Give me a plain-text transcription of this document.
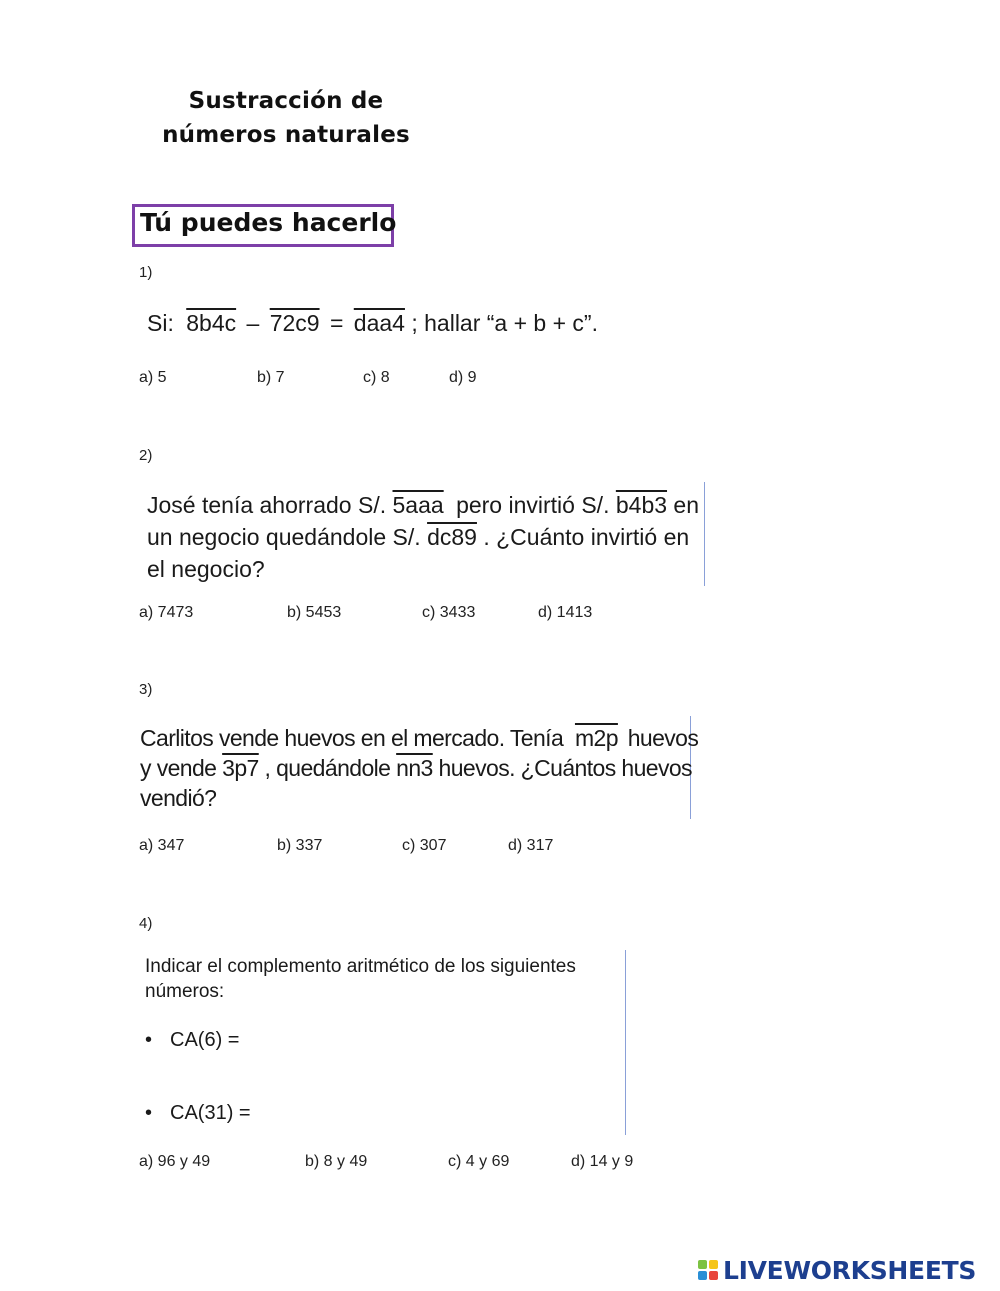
Sustracción de
números naturales
Tú puedes hacerlo
1)
Si: 8b4c – 72c9 = daa4 ; hallar “a + b + c”.
a) 5	b) 7	c) 8	d) 9
2)
José tenía ahorrado S/. 5aaa pero invirtió S/. b4b3 en
un negocio quedándole S/. dc89 . ¿Cuánto invirtió en
el negocio?
a) 7473	b) 5453	c) 3433	d) 1413
3)
Carlitos vende huevos en el mercado. Tenía m2p huevos
y vende 3p7 , quedándole nn3 huevos. ¿Cuántos huevos
vendió?
a) 347	b) 337	c) 307	d) 317
4)
Indicar el complemento aritmético de los siguientes
números:
• CA(6) =
• CA(31) =
a) 96 y 49	b) 8 y 49	c) 4 y 69	d) 14 y 9
LIVEWORKSHEETS
